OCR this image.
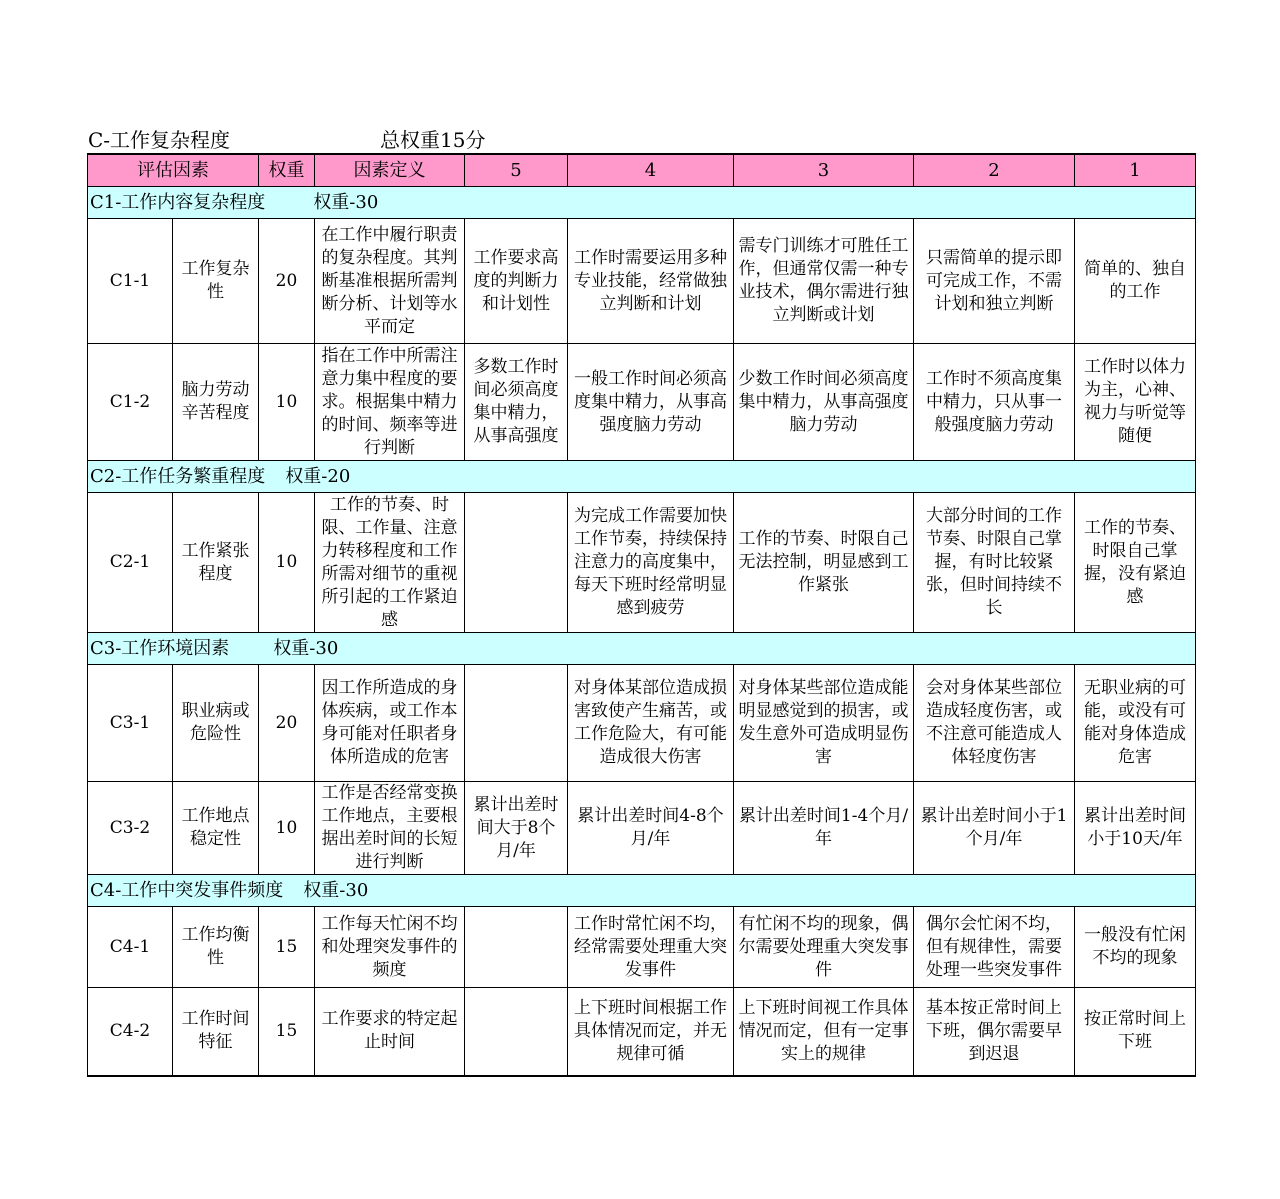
C-工作复杂程度	总权重15分
评估因素		权重	因素定义	5	4	3	2	1
C1-工作内容复杂程度 权重-30								
C1-1	工作复杂性	20	在工作中履行职责的复杂程度。其判断基准根据所需判断分析、计划等水平而定	工作要求高度的判断力和计划性	工作时需要运用多种专业技能，经常做独立判断和计划	需专门训练才可胜任工作，但通常仅需一种专业技术，偶尔需进行独立判断或计划	只需简单的提示即可完成工作，不需计划和独立判断	简单的、独自的工作
C1-2	脑力劳动辛苦程度	10	指在工作中所需注意力集中程度的要求。根据集中精力的时间、频率等进行判断	多数工作时间必须高度集中精力，从事高强度	一般工作时间必须高度集中精力，从事高强度脑力劳动	少数工作时间必须高度集中精力，从事高强度脑力劳动	工作时不须高度集中精力，只从事一般强度脑力劳动	工作时以体力为主，心神、视力与听觉等随便
C2-工作任务繁重程度 权重-20								
C2-1	工作紧张程度	10	工作的节奏、时限、工作量、注意力转移程度和工作所需对细节的重视所引起的工作紧迫感		为完成工作需要加快工作节奏，持续保持注意力的高度集中，每天下班时经常明显感到疲劳	工作的节奏、时限自己无法控制，明显感到工作紧张	大部分时间的工作节奏、时限自己掌握，有时比较紧张，但时间持续不长	工作的节奏、时限自己掌握，没有紧迫感
C3-工作环境因素 权重-30								
C3-1	职业病或危险性	20	因工作所造成的身体疾病，或工作本身可能对任职者身体所造成的危害		对身体某部位造成损害致使产生痛苦，或工作危险大，有可能造成很大伤害	对身体某些部位造成能明显感觉到的损害，或发生意外可造成明显伤害	会对身体某些部位造成轻度伤害，或不注意可能造成人体轻度伤害	无职业病的可能，或没有可能对身体造成危害
C3-2	工作地点稳定性	10	工作是否经常变换工作地点，主要根据出差时间的长短进行判断	累计出差时间大于8个月/年	累计出差时间4-8个月/年	累计出差时间1-4个月/年	累计出差时间小于1个月/年	累计出差时间小于10天/年
C4-工作中突发事件频度 权重-30								
C4-1	工作均衡性	15	工作每天忙闲不均和处理突发事件的频度		工作时常忙闲不均，经常需要处理重大突发事件	有忙闲不均的现象，偶尔需要处理重大突发事件	偶尔会忙闲不均，但有规律性，需要处理一些突发事件	一般没有忙闲不均的现象
C4-2	工作时间特征	15	工作要求的特定起止时间		上下班时间根据工作具体情况而定，并无规律可循	上下班时间视工作具体情况而定，但有一定事实上的规律	基本按正常时间上下班，偶尔需要早到迟退	按正常时间上下班
